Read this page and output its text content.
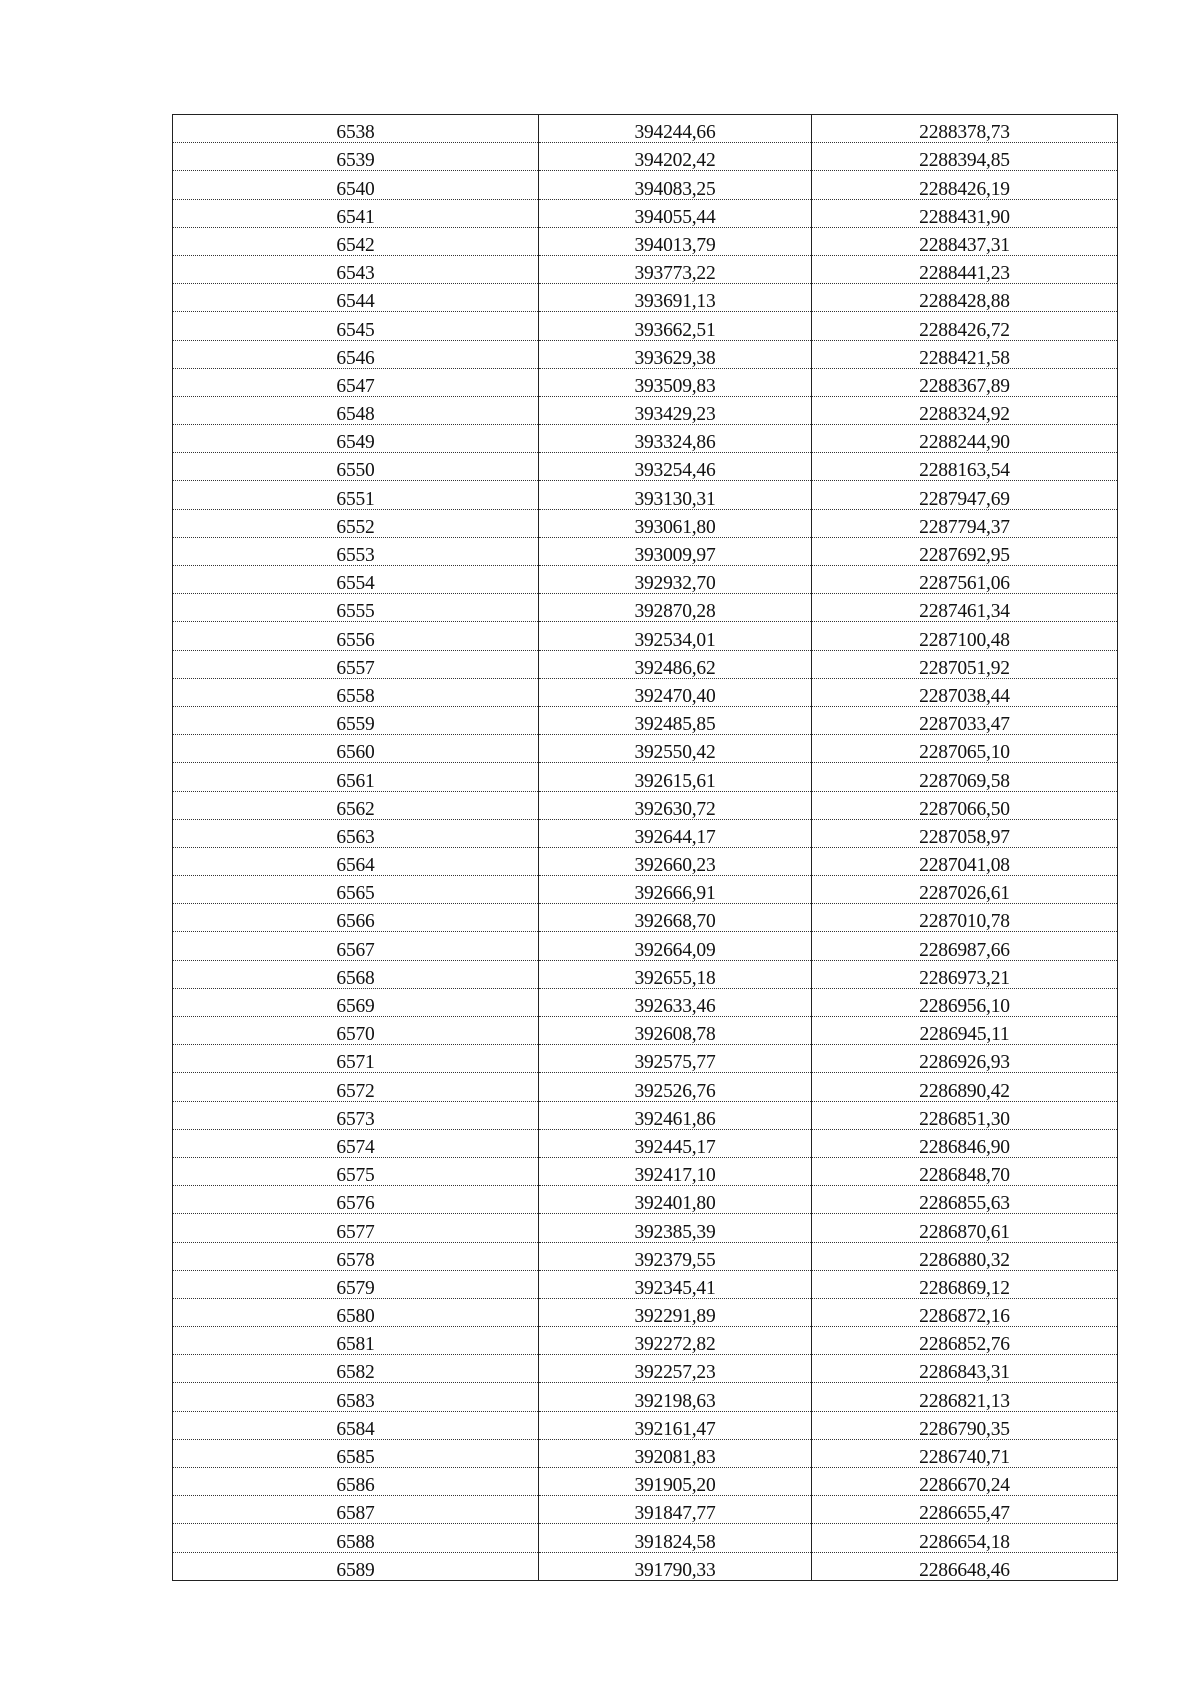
6538	394244,66	2288378,73
6539	394202,42	2288394,85
6540	394083,25	2288426,19
6541	394055,44	2288431,90
6542	394013,79	2288437,31
6543	393773,22	2288441,23
6544	393691,13	2288428,88
6545	393662,51	2288426,72
6546	393629,38	2288421,58
6547	393509,83	2288367,89
6548	393429,23	2288324,92
6549	393324,86	2288244,90
6550	393254,46	2288163,54
6551	393130,31	2287947,69
6552	393061,80	2287794,37
6553	393009,97	2287692,95
6554	392932,70	2287561,06
6555	392870,28	2287461,34
6556	392534,01	2287100,48
6557	392486,62	2287051,92
6558	392470,40	2287038,44
6559	392485,85	2287033,47
6560	392550,42	2287065,10
6561	392615,61	2287069,58
6562	392630,72	2287066,50
6563	392644,17	2287058,97
6564	392660,23	2287041,08
6565	392666,91	2287026,61
6566	392668,70	2287010,78
6567	392664,09	2286987,66
6568	392655,18	2286973,21
6569	392633,46	2286956,10
6570	392608,78	2286945,11
6571	392575,77	2286926,93
6572	392526,76	2286890,42
6573	392461,86	2286851,30
6574	392445,17	2286846,90
6575	392417,10	2286848,70
6576	392401,80	2286855,63
6577	392385,39	2286870,61
6578	392379,55	2286880,32
6579	392345,41	2286869,12
6580	392291,89	2286872,16
6581	392272,82	2286852,76
6582	392257,23	2286843,31
6583	392198,63	2286821,13
6584	392161,47	2286790,35
6585	392081,83	2286740,71
6586	391905,20	2286670,24
6587	391847,77	2286655,47
6588	391824,58	2286654,18
6589	391790,33	2286648,46
